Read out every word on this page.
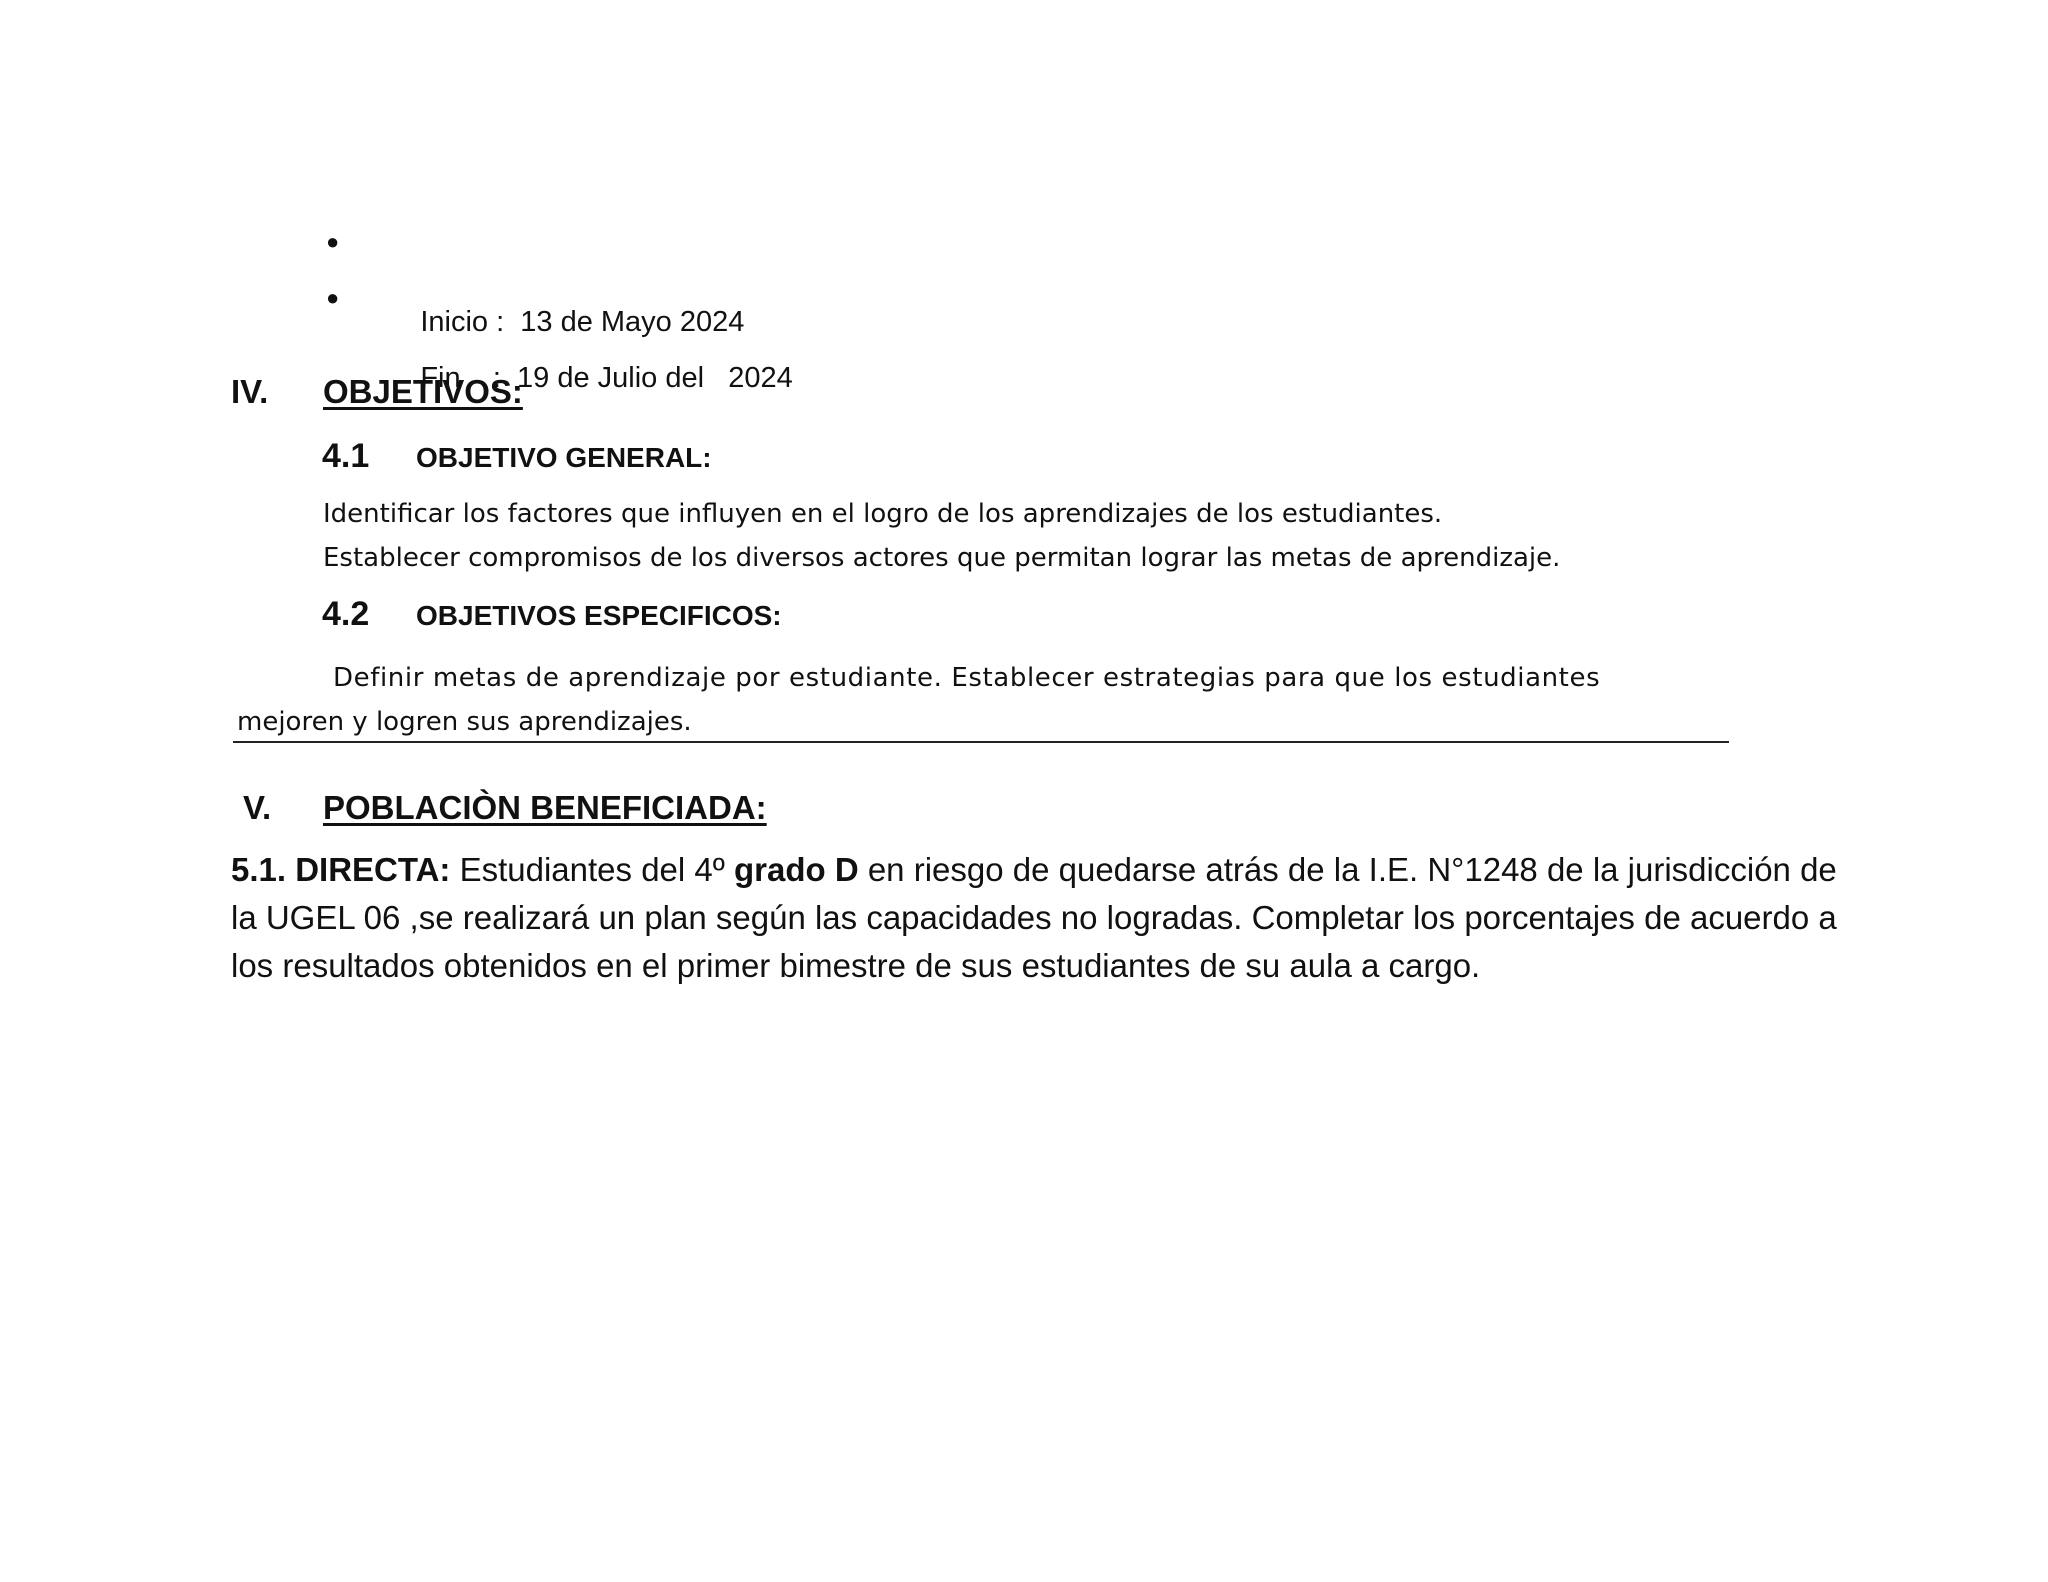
●

Inicio :  13 de Mayo 2024

●

Fin    :  19 de Julio del   2024

IV. OBJETIVOS:
4.1 OBJETIVO GENERAL:
Identificar los factores que influyen en el logro de los aprendizajes de los estudiantes.
Establecer compromisos de los diversos actores que permitan lograr las metas de aprendizaje.
4.2 OBJETIVOS ESPECIFICOS:
Definir metas de aprendizaje por estudiante. Establecer estrategias para que los estudiantes
mejoren y logren sus aprendizajes.
V. POBLACIÒN BENEFICIADA:
5.1. DIRECTA: Estudiantes del 4º grado D en riesgo de quedarse atrás de la I.E. N°1248 de la jurisdicción de la UGEL 06 ,se realizará un plan según las capacidades no logradas. Completar los porcentajes de acuerdo a los resultados obtenidos en el primer bimestre de sus estudiantes de su aula a cargo.
